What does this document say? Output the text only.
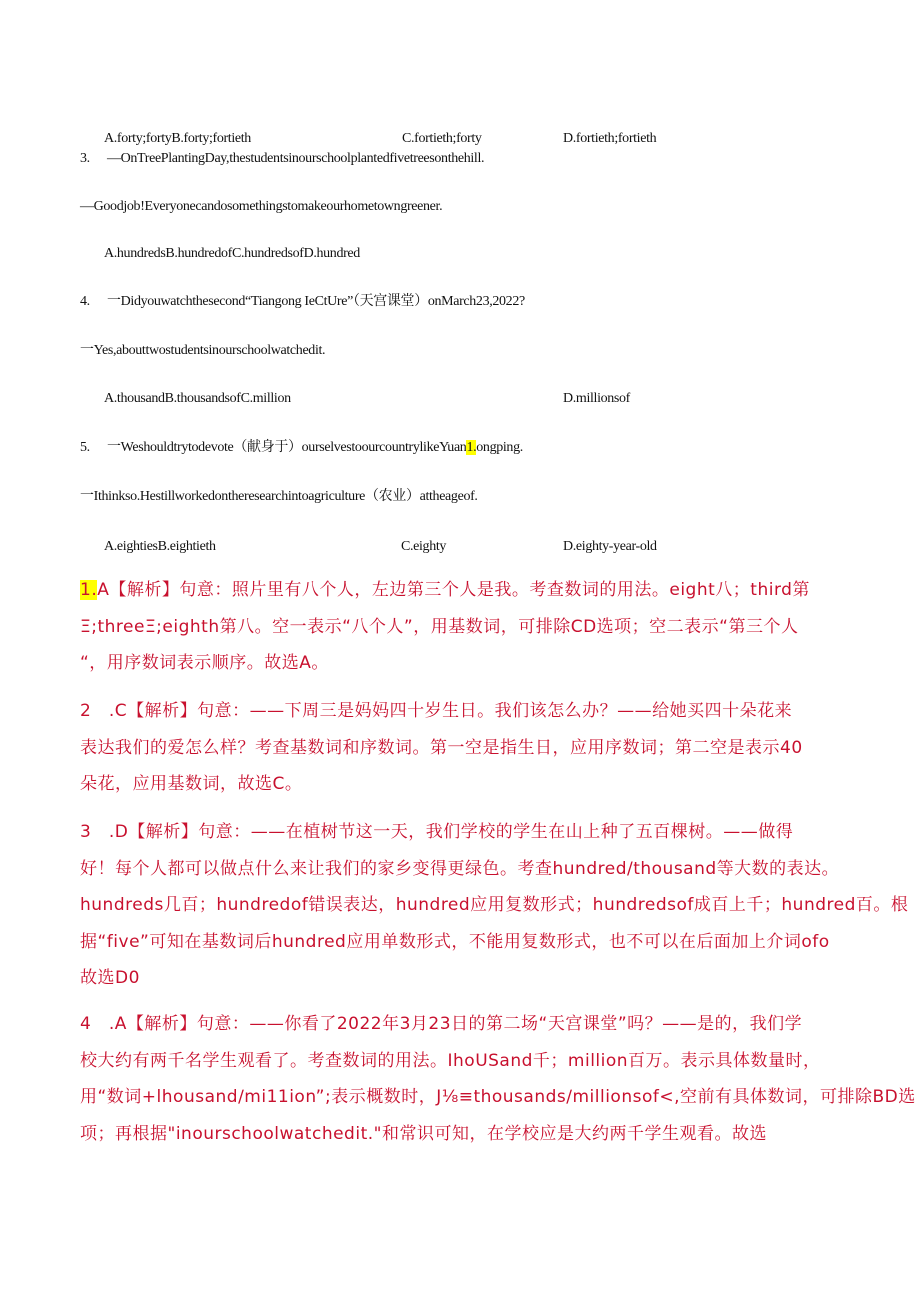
A.forty;fortyB.forty;fortieth	C.fortieth;forty	D.fortieth;fortieth
3. —OnTreePlantingDay,thestudentsinourschoolplantedfivetreesonthehill.
—Goodjob!Everyonecandosomethingstomakeourhometowngreener.
A.hundredsB.hundredofC.hundredsofD.hundred
4. 一Didyouwatchthesecond“Tiangong IeCtUre”（天宫课堂）onMarch23,2022?
一Yes,abouttwostudentsinourschoolwatchedit.
A.thousandB.thousandsofC.million	D.millionsof
5. 一Weshouldtrytodevote（献身于）ourselvestoourcountrylikeYuan1.ongping.
一Ithinkso.Hestillworkedontheresearchintoagriculture（农业）attheageof.
A.eightiesB.eightieth	C.eighty	D.eighty-year-old
1.A【解析】句意：照片里有八个人，左边第三个人是我。考查数词的用法。eight八；third第
Ξ;threeΞ;eighth第八。空一表示“八个人”，用基数词，可排除CD选项；空二表示“第三个人
“，用序数词表示顺序。故选A。
2　.C【解析】句意：——下周三是妈妈四十岁生日。我们该怎么办？——给她买四十朵花来
表达我们的爱怎么样？考查基数词和序数词。第一空是指生日，应用序数词；第二空是表示40
朵花，应用基数词，故选C。
3　.D【解析】句意：——在植树节这一天，我们学校的学生在山上种了五百棵树。——做得
好！每个人都可以做点什么来让我们的家乡变得更绿色。考查hundred/thousand等大数的表达。
hundreds几百；hundredof错误表达，hundred应用复数形式；hundredsof成百上千；hundred百。根
据“five”可知在基数词后hundred应用单数形式，不能用复数形式，也不可以在后面加上介词ofo
故选D0
4　.A【解析】句意：——你看了2022年3月23日的第二场“天宫课堂”吗？——是的，我们学
校大约有两千名学生观看了。考查数词的用法。IhoUSand千；million百万。表示具体数量时，
用“数词+lhousand∕mi11ion”;表示概数时，J⅛≡thousands∕millionsof<,空前有具体数词，可排除BD选
项；再根据"inourschoolwatchedit."和常识可知，在学校应是大约两千学生观看。故选
